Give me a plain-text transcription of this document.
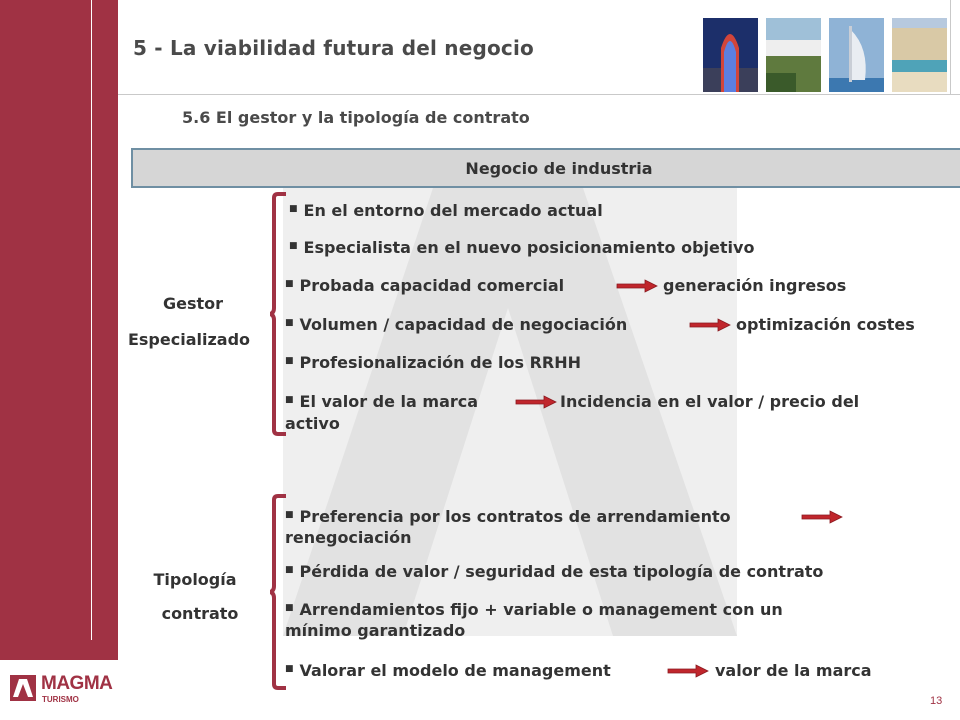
5 - La viabilidad futura del negocio
5.6 El gestor y la tipología de contrato
Negocio de industria
Gestor
Especializado
■ En el entorno del mercado actual
■ Especialista en el nuevo posicionamiento objetivo
■ Probada capacidad comercial	generación ingresos
■ Volumen / capacidad de negociación	optimización costes
■ Profesionalización de los RRHH
■ El valor de la marca	Incidencia en el valor / precio del
activo
Tipología
contrato
■ Preferencia por los contratos de arrendamiento
renegociación
■ Pérdida de valor / seguridad de esta tipología de contrato
■ Arrendamientos fijo + variable o management con un
mínimo garantizado
■ Valorar el modelo de management	valor de la marca
MAGMA
TURISMO	13
